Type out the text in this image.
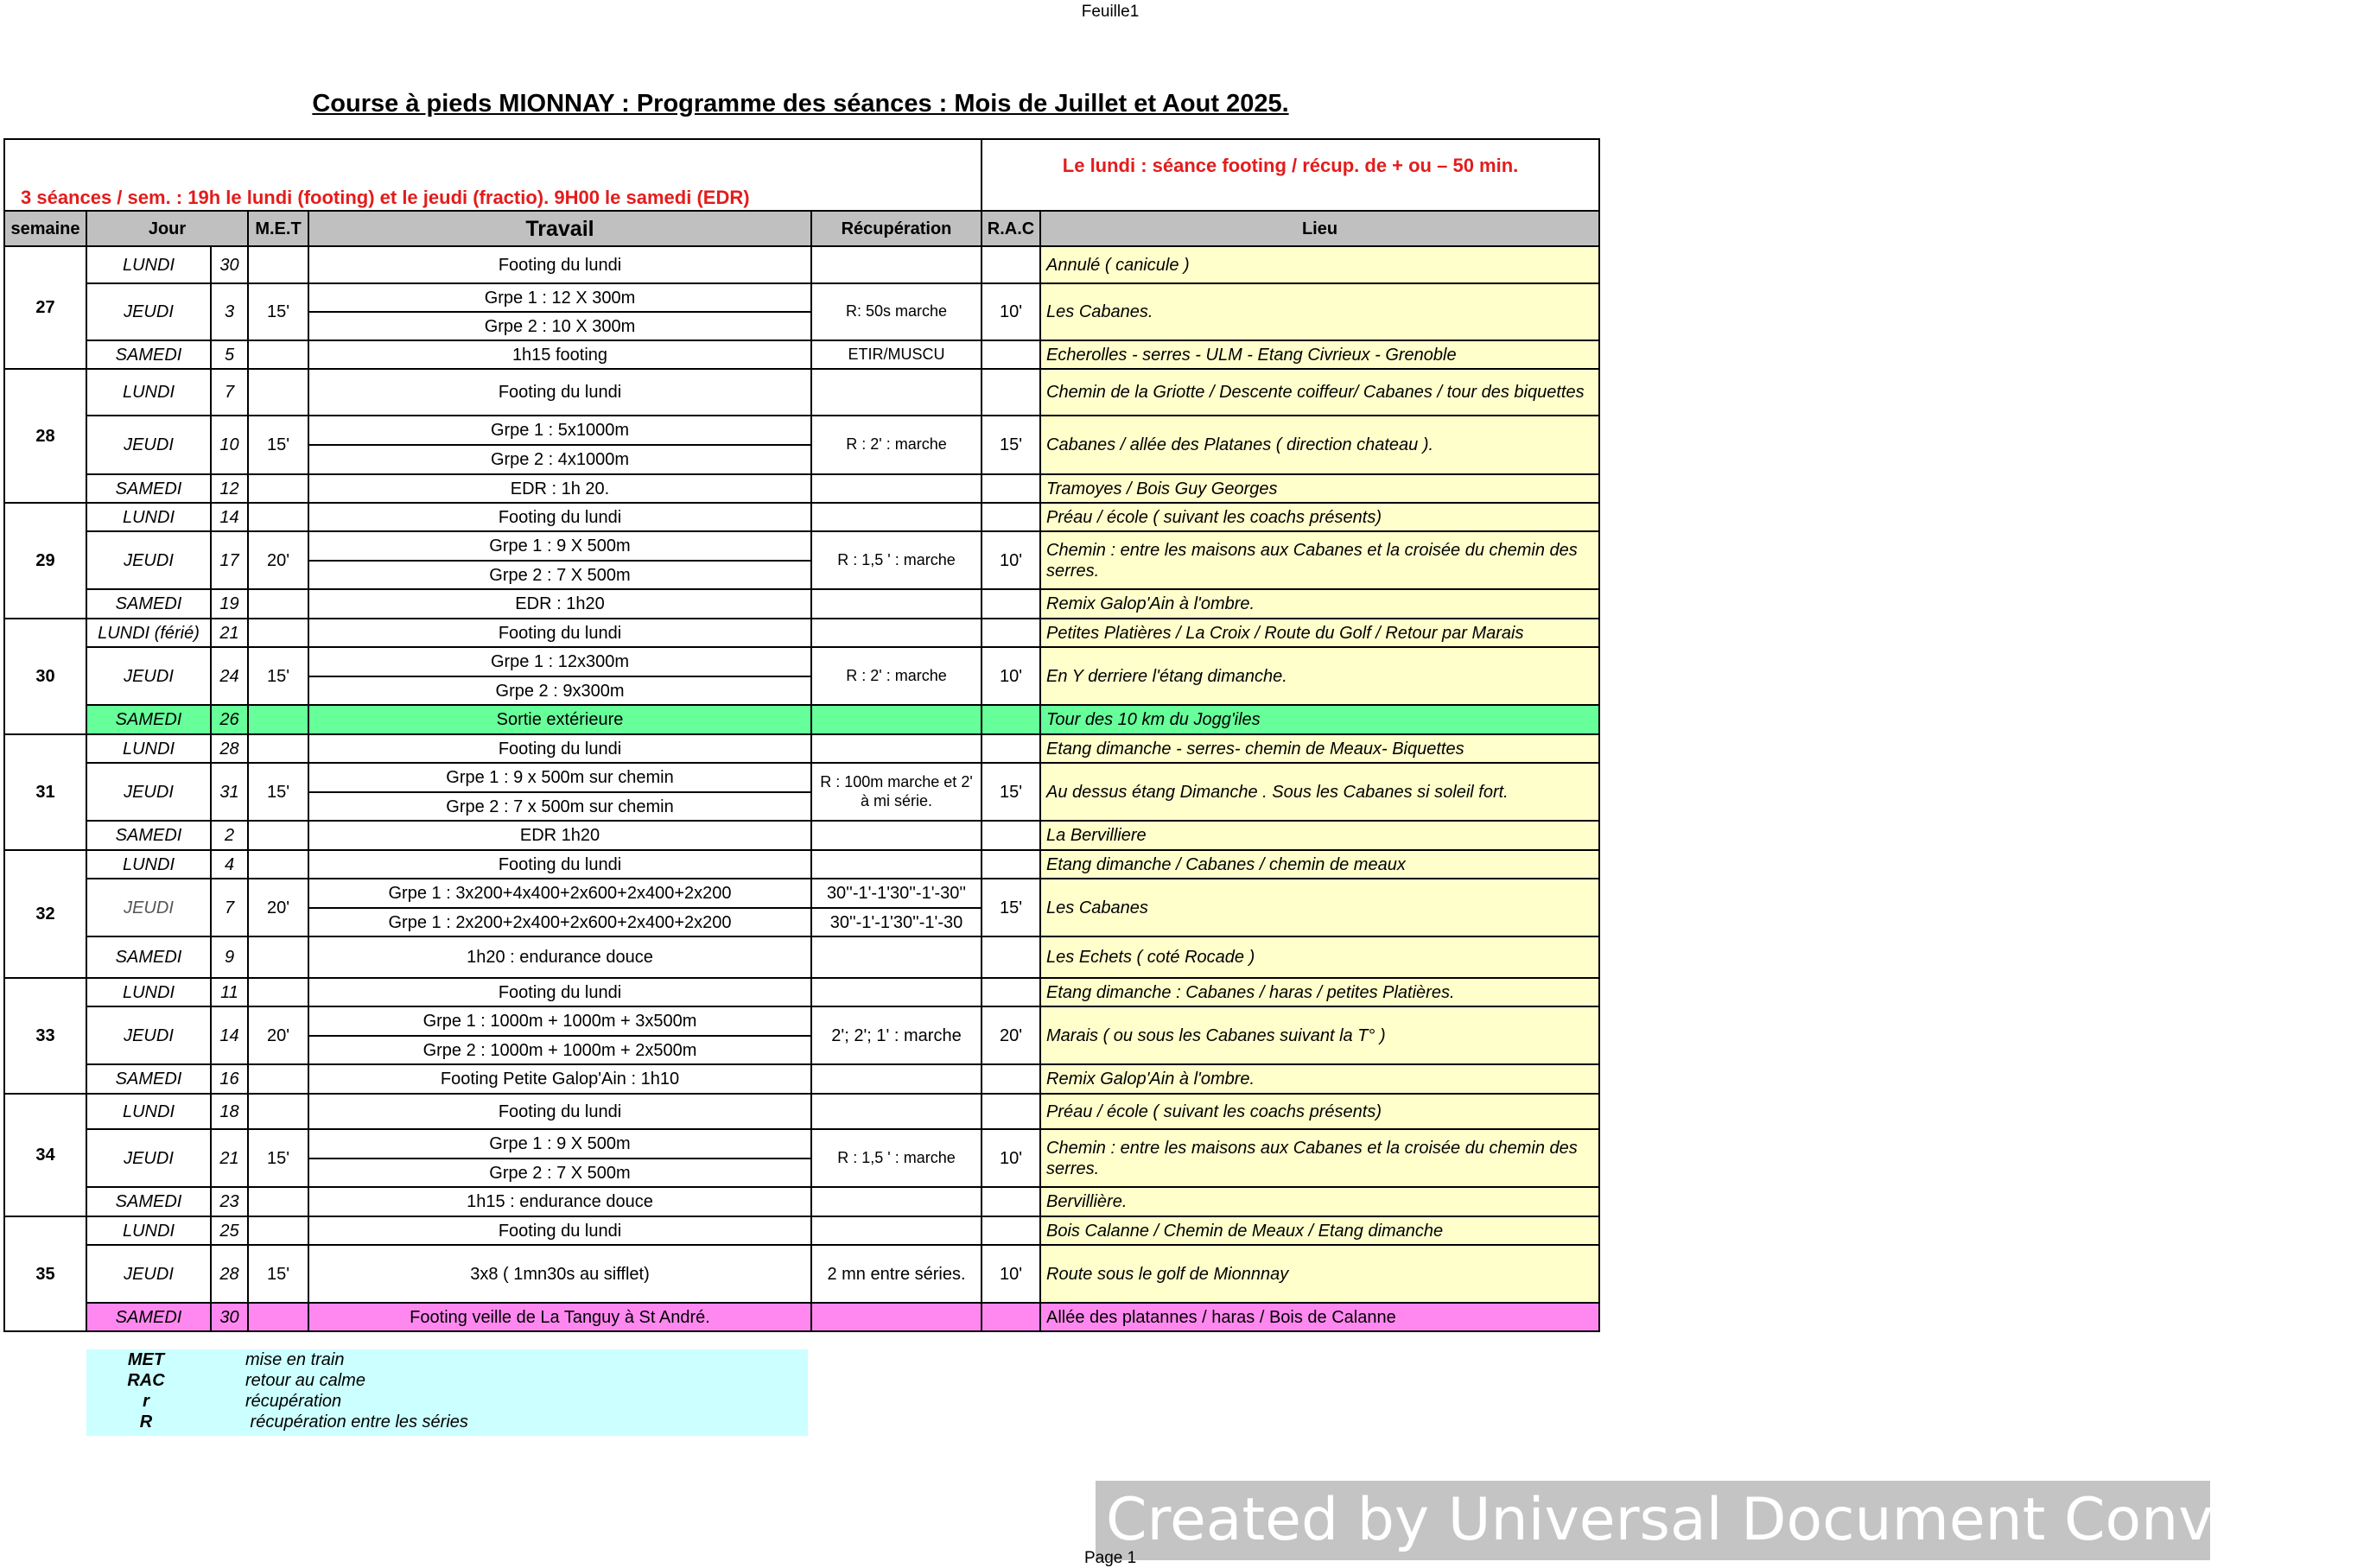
Feuille1
Course à pieds MIONNAY : Programme des séances : Mois de Juillet et Aout 2025.
3 séances / sem. : 19h le lundi (footing) et le jeudi (fractio). 9H00 le samedi (EDR)						Le lundi : séance footing / récup. de + ou – 50 min.	
semaine	Jour		M.E.T	Travail	Récupération	R.A.C	Lieu
27	LUNDI	30		Footing du lundi			Annulé ( canicule )
	JEUDI	3	15'	Grpe 1 : 12 X 300m	R: 50s marche	10'	Les Cabanes.
				Grpe 2 : 10 X 300m			
	SAMEDI	5		1h15 footing	ETIR/MUSCU		Echerolles - serres - ULM - Etang Civrieux - Grenoble
28	LUNDI	7		Footing du lundi			Chemin de la Griotte / Descente coiffeur/ Cabanes / tour des biquettes
	JEUDI	10	15'	Grpe 1 : 5x1000m	R : 2' : marche	15'	Cabanes / allée des Platanes ( direction chateau ).
				Grpe 2 : 4x1000m			
	SAMEDI	12		EDR : 1h 20.			Tramoyes / Bois Guy Georges
29	LUNDI	14		Footing du lundi			Préau / école ( suivant les coachs présents)
	JEUDI	17	20'	Grpe 1 : 9 X 500m	R : 1,5 ' : marche	10'	Chemin : entre les maisons aux Cabanes et la croisée du chemin des serres.
				Grpe 2 : 7 X 500m			
	SAMEDI	19		EDR : 1h20			Remix Galop'Ain à l'ombre.
30	LUNDI (férié)	21		Footing du lundi			Petites Platières / La Croix / Route du Golf / Retour par Marais
	JEUDI	24	15'	Grpe 1 : 12x300m	R : 2' : marche	10'	En Y derriere l'étang dimanche.
				Grpe 2 : 9x300m			
	SAMEDI	26		Sortie extérieure			Tour des 10 km du Jogg'iles
31	LUNDI	28		Footing du lundi			Etang dimanche - serres- chemin de Meaux- Biquettes
	JEUDI	31	15'	Grpe 1 : 9 x 500m sur chemin	R : 100m marche et 2' à mi série.	15'	Au dessus étang Dimanche . Sous les Cabanes si soleil fort.
				Grpe 2 : 7 x 500m sur chemin			
	SAMEDI	2		EDR 1h20			La Bervilliere
32	LUNDI	4		Footing du lundi			Etang dimanche / Cabanes / chemin de meaux
	JEUDI	7	20'	Grpe 1 : 3x200+4x400+2x600+2x400+2x200	30''-1'-1'30''-1'-30''	15'	Les Cabanes
				Grpe 1 : 2x200+2x400+2x600+2x400+2x200	30''-1'-1'30''-1'-30		
	SAMEDI	9		1h20 : endurance douce			Les Echets ( coté Rocade )
33	LUNDI	11		Footing du lundi			Etang dimanche : Cabanes / haras / petites Platières.
	JEUDI	14	20'	Grpe 1 : 1000m + 1000m + 3x500m	2'; 2'; 1' : marche	20'	Marais ( ou sous les Cabanes suivant la T° )
				Grpe 2 : 1000m + 1000m + 2x500m			
	SAMEDI	16		Footing Petite Galop'Ain : 1h10			Remix Galop'Ain à l'ombre.
34	LUNDI	18		Footing du lundi			Préau / école ( suivant les coachs présents)
	JEUDI	21	15'	Grpe 1 : 9 X 500m	R : 1,5 ' : marche	10'	Chemin : entre les maisons aux Cabanes et la croisée du chemin des serres.
				Grpe 2 : 7 X 500m			
	SAMEDI	23		1h15 : endurance douce			Bervillière.
35	LUNDI	25		Footing du lundi			Bois Calanne / Chemin de Meaux / Etang dimanche
	JEUDI	28	15'	3x8 ( 1mn30s au sifflet)	2 mn entre séries.	10'	Route sous le golf de Mionnnay
	SAMEDI	30		Footing veille de La Tanguy à St André.			Allée des platannes / haras / Bois de Calanne
MET	mise en train
RAC	retour au calme
r	récupération
R	récupération entre les séries
Created by Universal Document Converter
Page 1
